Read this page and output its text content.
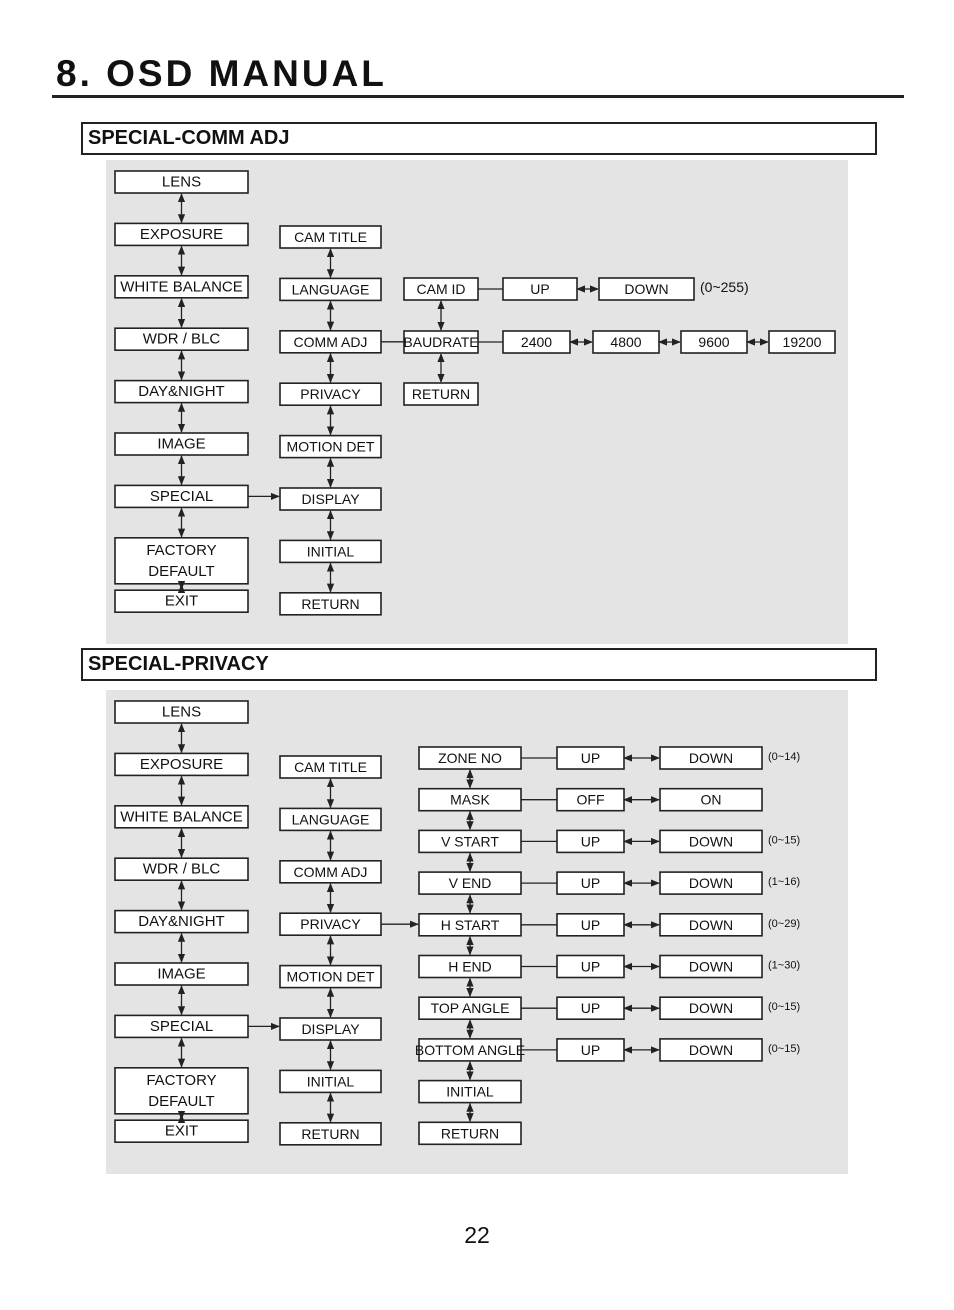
8. OSD MANUAL
SPECIAL-COMM ADJ
SPECIAL-PRIVACY
LENS
EXPOSURE
WHITE BALANCE
WDR / BLC
DAY&NIGHT
IMAGE
SPECIAL
FACTORY
DEFAULT
EXIT
CAM TITLE
LANGUAGE
COMM ADJ
PRIVACY
MOTION DET
DISPLAY
INITIAL
RETURN
CAM ID
BAUDRATE
RETURN
UP	DOWN (0~255)
2400	4800	9600	19200
LENS
EXPOSURE
WHITE BALANCE
WDR / BLC
DAY&NIGHT
IMAGE
SPECIAL
FACTORY
DEFAULT
EXIT
CAM TITLE
LANGUAGE
COMM ADJ
PRIVACY
MOTION DET
DISPLAY
INITIAL
RETURN
ZONE NO	UP	DOWN	(0~14)
MASK	OFF	ON
V START	UP	DOWN	(0~15)
V END	UP	DOWN	(1~16)
H START	UP	DOWN	(0~29)
H END	UP	DOWN	(1~30)
TOP ANGLE	UP	DOWN	(0~15)
BOTTOM ANGLE	UP	DOWN	(0~15)
INITIAL
RETURN
22
